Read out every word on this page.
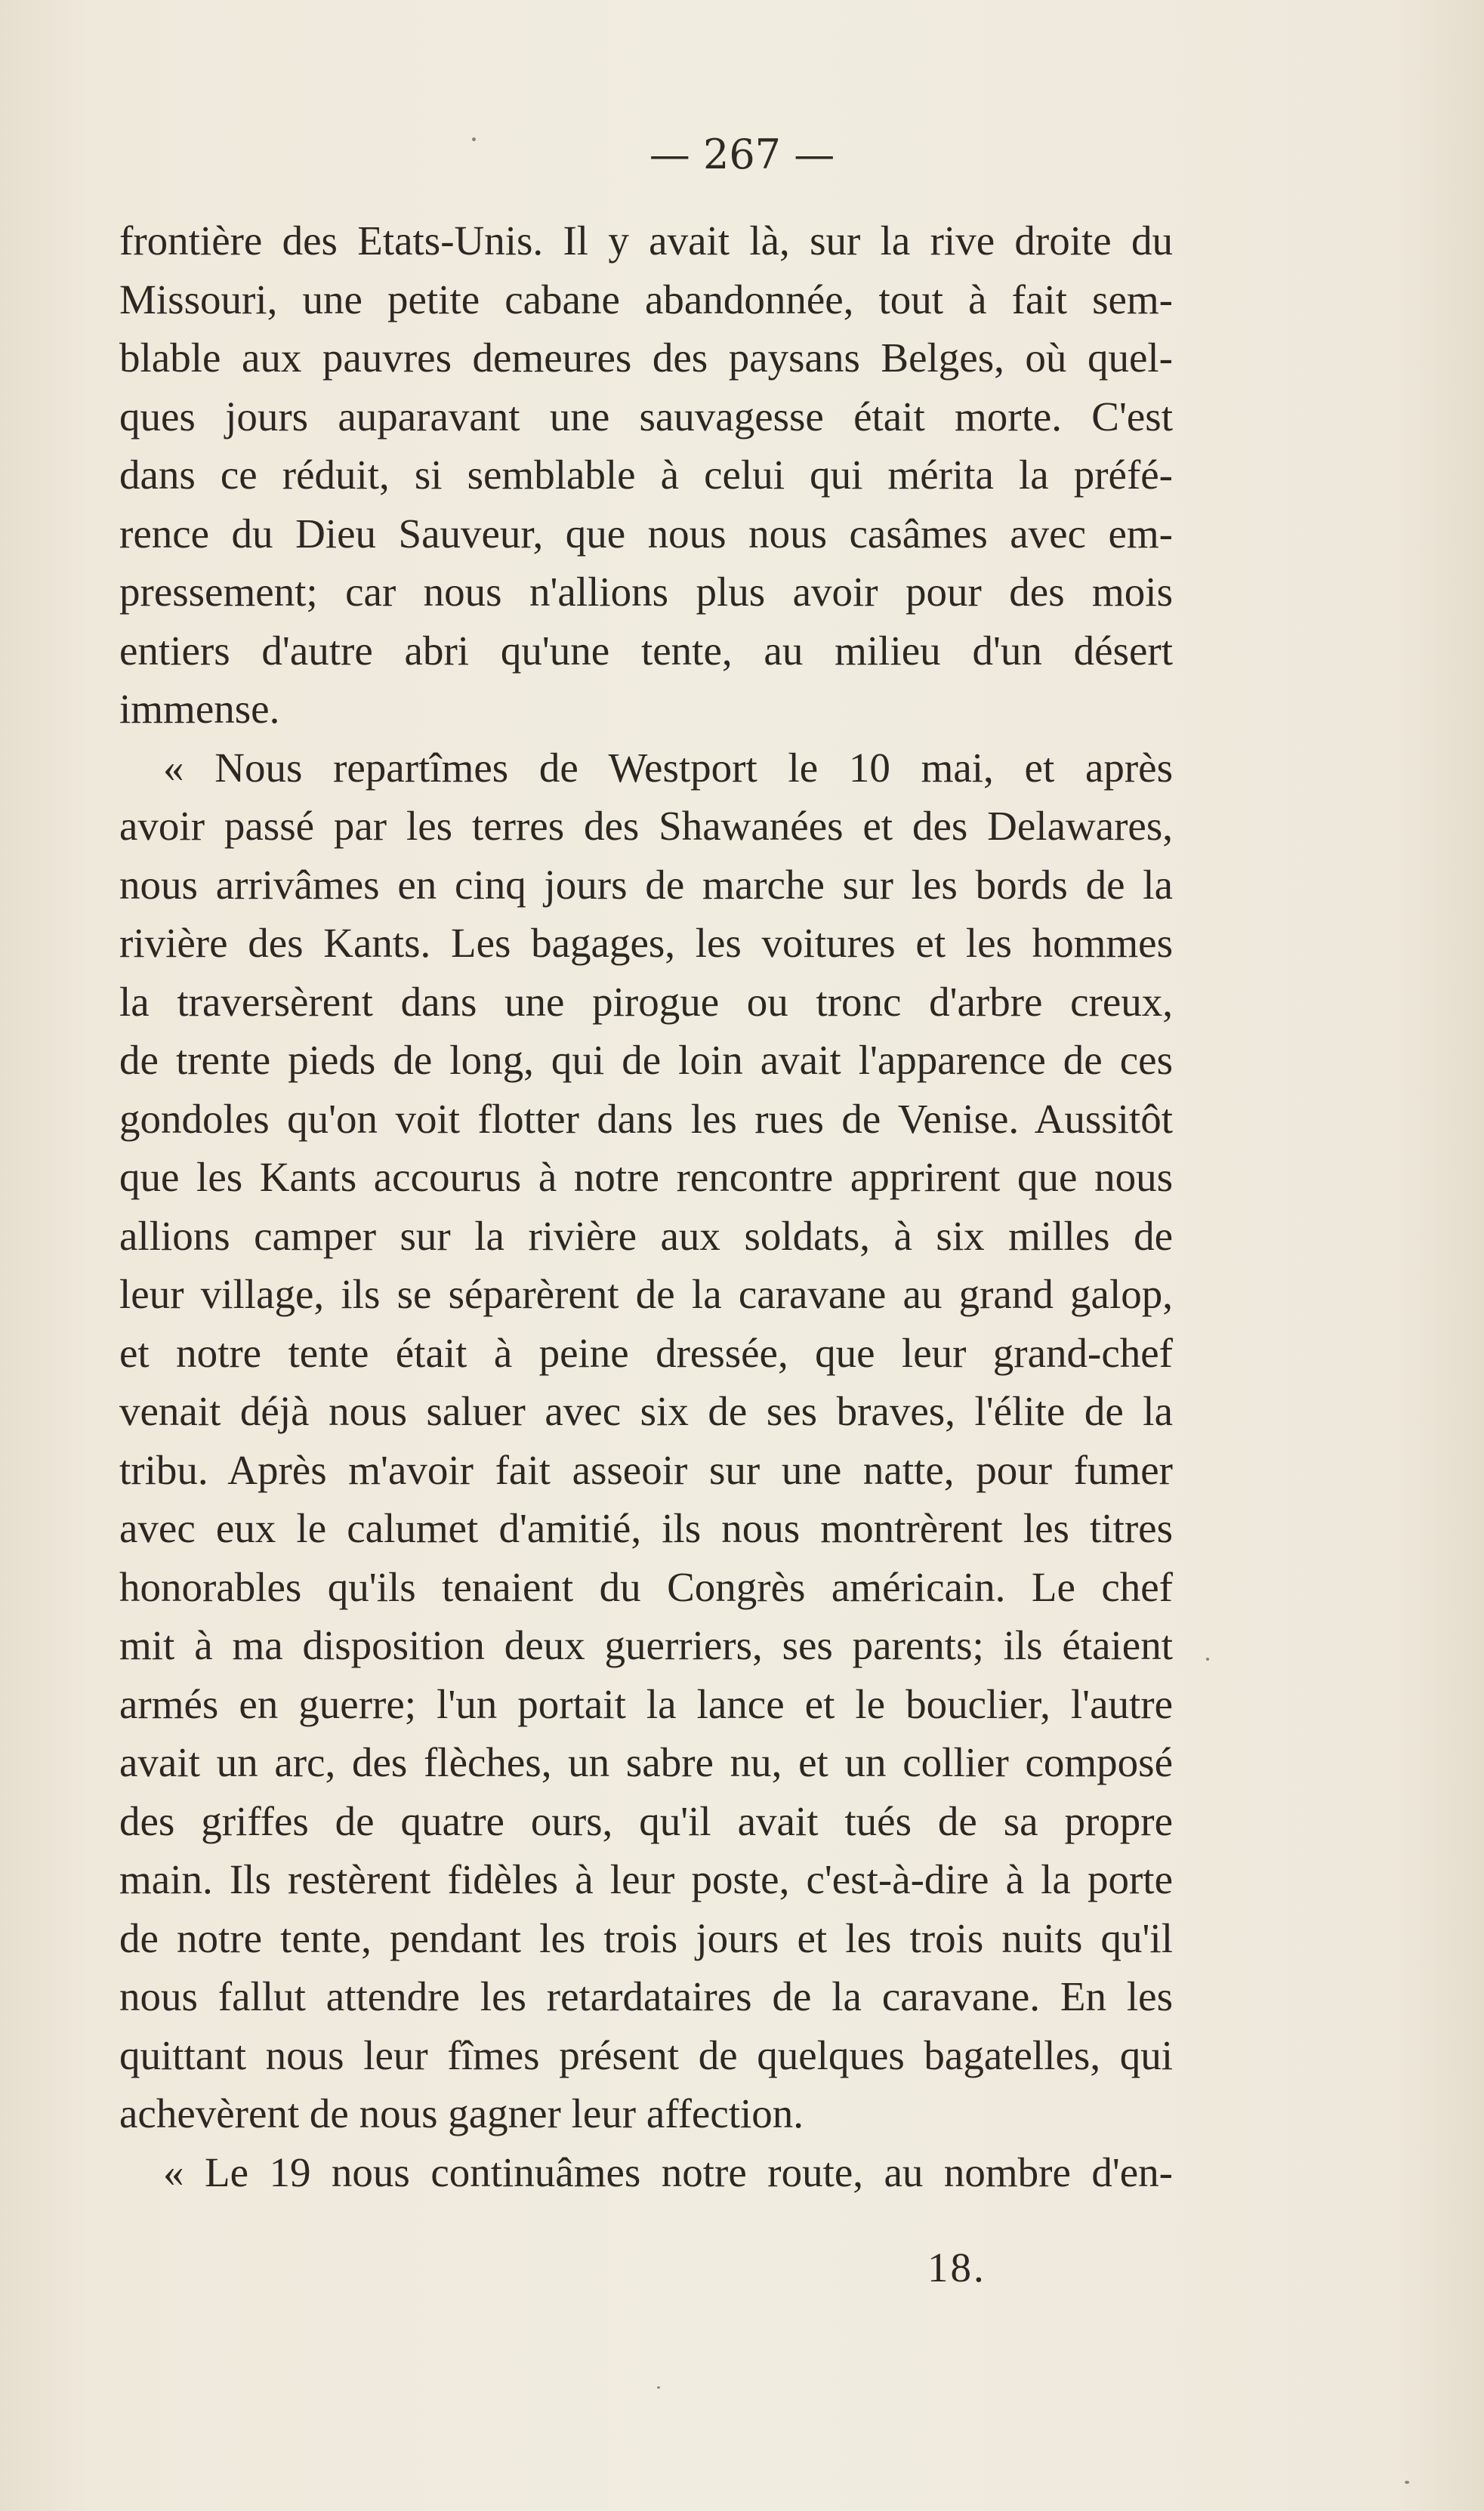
— 267 —
frontière des Etats-Unis. Il y avait là, sur la rive droite du
Missouri, une petite cabane abandonnée, tout à fait sem-
blable aux pauvres demeures des paysans Belges, où quel-
ques jours auparavant une sauvagesse était morte. C'est
dans ce réduit, si semblable à celui qui mérita la préfé-
rence du Dieu Sauveur, que nous nous casâmes avec em-
pressement; car nous n'allions plus avoir pour des mois
entiers d'autre abri qu'une tente, au milieu d'un désert
immense.
« Nous repartîmes de Westport le 10 mai, et après
avoir passé par les terres des Shawanées et des Delawares,
nous arrivâmes en cinq jours de marche sur les bords de la
rivière des Kants. Les bagages, les voitures et les hommes
la traversèrent dans une pirogue ou tronc d'arbre creux,
de trente pieds de long, qui de loin avait l'apparence de ces
gondoles qu'on voit flotter dans les rues de Venise. Aussitôt
que les Kants accourus à notre rencontre apprirent que nous
allions camper sur la rivière aux soldats, à six milles de
leur village, ils se séparèrent de la caravane au grand galop,
et notre tente était à peine dressée, que leur grand-chef
venait déjà nous saluer avec six de ses braves, l'élite de la
tribu. Après m'avoir fait asseoir sur une natte, pour fumer
avec eux le calumet d'amitié, ils nous montrèrent les titres
honorables qu'ils tenaient du Congrès américain. Le chef
mit à ma disposition deux guerriers, ses parents; ils étaient
armés en guerre; l'un portait la lance et le bouclier, l'autre
avait un arc, des flèches, un sabre nu, et un collier composé
des griffes de quatre ours, qu'il avait tués de sa propre
main. Ils restèrent fidèles à leur poste, c'est-à-dire à la porte
de notre tente, pendant les trois jours et les trois nuits qu'il
nous fallut attendre les retardataires de la caravane. En les
quittant nous leur fîmes présent de quelques bagatelles, qui
achevèrent de nous gagner leur affection.
« Le 19 nous continuâmes notre route, au nombre d'en-
18.
